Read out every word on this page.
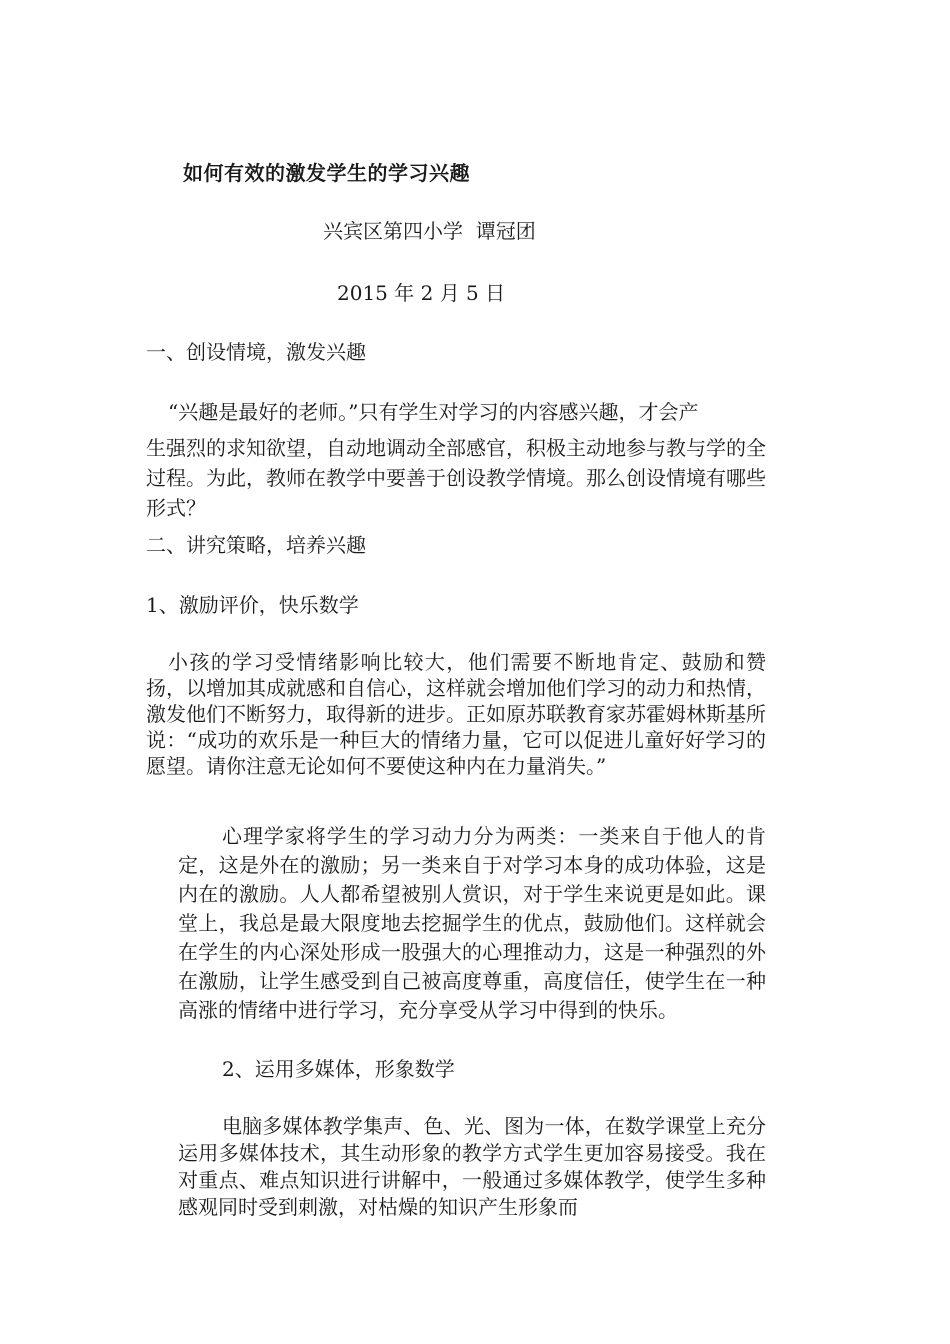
如何有效的激发学生的学习兴趣

兴宾区第四小学  谭冠团

2015 年 2 月 5 日

一、创设情境，激发兴趣

“兴趣是最好的老师。”只有学生对学习的内容感兴趣，才会产
生强烈的求知欲望，自动地调动全部感官，积极主动地参与教与学的全过程。为此，教师在教学中要善于创设教学情境。那么创设情境有哪些形式？

二、讲究策略，培养兴趣

1、激励评价，快乐数学

小孩的学习受情绪影响比较大，他们需要不断地肯定、鼓励和赞扬，以增加其成就感和自信心，这样就会增加他们学习的动力和热情，激发他们不断努力，取得新的进步。正如原苏联教育家苏霍姆林斯基所说：“成功的欢乐是一种巨大的情绪力量，它可以促进儿童好好学习的愿望。请你注意无论如何不要使这种内在力量消失。”

心理学家将学生的学习动力分为两类：一类来自于他人的肯定，这是外在的激励；另一类来自于对学习本身的成功体验，这是内在的激励。人人都希望被别人赏识，对于学生来说更是如此。课堂上，我总是最大限度地去挖掘学生的优点，鼓励他们。这样就会在学生的内心深处形成一股强大的心理推动力，这是一种强烈的外在激励，让学生感受到自己被高度尊重，高度信任，使学生在一种高涨的情绪中进行学习，充分享受从学习中得到的快乐。

2、运用多媒体，形象数学

电脑多媒体教学集声、色、光、图为一体，在数学课堂上充分运用多媒体技术，其生动形象的教学方式学生更加容易接受。我在对重点、难点知识进行讲解中，一般通过多媒体教学，使学生多种感观同时受到刺激，对枯燥的知识产生形象而
